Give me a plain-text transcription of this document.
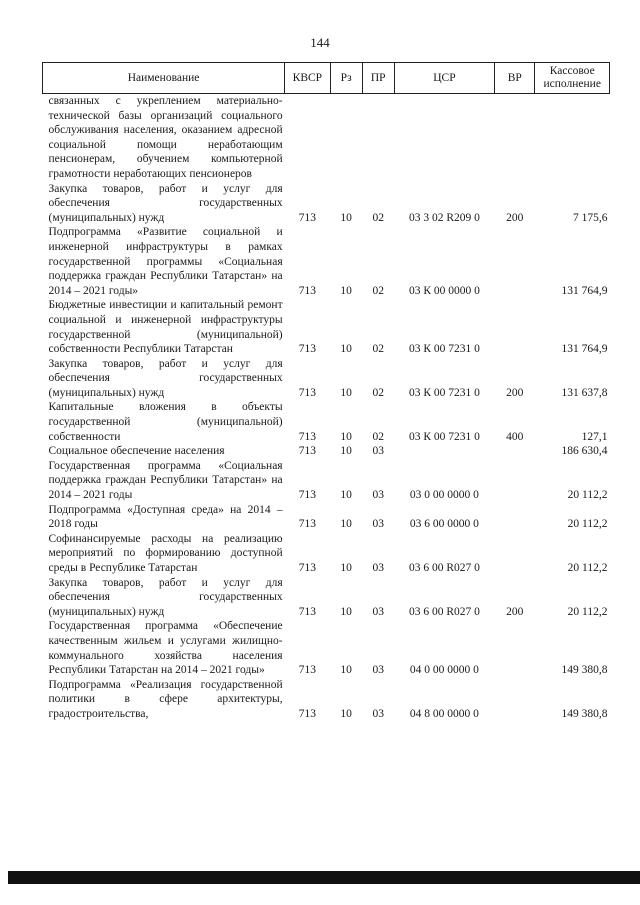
144
Наименование	КВСР	Рз	ПР	ЦСР	ВР	Кассовое исполнение
связанных с укреплением материально-технической базы организаций социального обслуживания населения, оказанием адресной социальной помощи неработающим пенсионерам, обучением компьютерной грамотности неработающих пенсионеров						
Закупка товаров, работ и услуг для обеспечения государственных (муниципальных) нужд	713	10	02	03 3 02 R209 0	200	7 175,6
Подпрограмма «Развитие социальной и инженерной инфраструктуры в рамках государственной программы «Социальная поддержка граждан Республики Татарстан» на 2014 – 2021 годы»	713	10	02	03 К 00 0000 0		131 764,9
Бюджетные инвестиции и капитальный ремонт социальной и инженерной инфраструктуры государственной (муниципальной) собственности Республики Татарстан	713	10	02	03 К 00 7231 0		131 764,9
Закупка товаров, работ и услуг для обеспечения государственных (муниципальных) нужд	713	10	02	03 К 00 7231 0	200	131 637,8
Капитальные вложения в объекты государственной (муниципальной) собственности	713	10	02	03 К 00 7231 0	400	127,1
Социальное обеспечение населения	713	10	03			186 630,4
Государственная программа «Социальная поддержка граждан Республики Татарстан» на 2014 – 2021 годы	713	10	03	03 0 00 0000 0		20 112,2
Подпрограмма «Доступная среда» на 2014 – 2018 годы	713	10	03	03 6 00 0000 0		20 112,2
Софинансируемые расходы на реализацию мероприятий по формированию доступной среды в Республике Татарстан	713	10	03	03 6 00 R027 0		20 112,2
Закупка товаров, работ и услуг для обеспечения государственных (муниципальных) нужд	713	10	03	03 6 00 R027 0	200	20 112,2
Государственная программа «Обеспечение качественным жильем и услугами жилищно-коммунального хозяйства населения Республики Татарстан на 2014 – 2021 годы»	713	10	03	04 0 00 0000 0		149 380,8
Подпрограмма «Реализация государственной политики в сфере архитектуры, градостроительства,	713	10	03	04 8 00 0000 0		149 380,8
